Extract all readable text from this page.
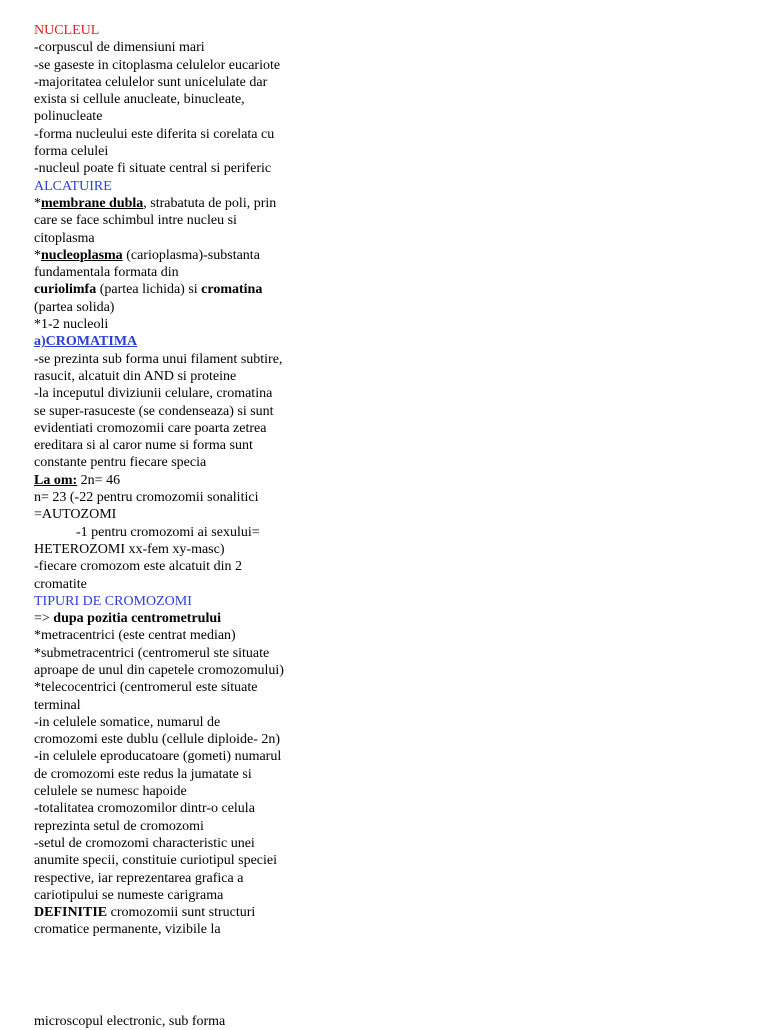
NUCLEUL
-corpuscul de dimensiuni mari
-se gaseste in citoplasma celulelor eucariote
-majoritatea celulelor sunt unicelulate dar
exista si cellule anucleate, binucleate,
polinucleate
-forma nucleului este diferita si corelata cu
forma celulei
-nucleul poate fi situate central si periferic
ALCATUIRE
*membrane dubla, strabatuta de poli, prin
care se face schimbul intre nucleu si
citoplasma
*nucleoplasma (carioplasma)-substanta
fundamentala formata din
curiolimfa (partea lichida) si cromatina
(partea solida)
*1-2 nucleoli
a)CROMATIMA
-se prezinta sub forma unui filament subtire,
rasucit, alcatuit din AND si proteine
-la inceputul diviziunii celulare, cromatina
se super-rasuceste (se condenseaza) si sunt
evidentiati cromozomii care poarta zetrea
ereditara si al caror nume si forma sunt
constante pentru fiecare specia
La om: 2n= 46
n= 23 (-22 pentru cromozomii sonalitici
=AUTOZOMI
-1 pentru cromozomi ai sexului=
HETEROZOMI xx-fem xy-masc)
-fiecare cromozom este alcatuit din 2
cromatite
TIPURI DE CROMOZOMI
=> dupa pozitia centrometrului
*metracentrici (este centrat median)
*submetracentrici (centromerul ste situate
aproape de unul din capetele cromozomului)
*telecocentrici (centromerul este situate
terminal
-in celulele somatice, numarul de
cromozomi este dublu (cellule diploide- 2n)
-in celulele eproducatoare (gometi) numarul
de cromozomi este redus la jumatate si
celulele se numesc hapoide
-totalitatea cromozomilor dintr-o celula
reprezinta setul de cromozomi
-setul de cromozomi characteristic unei
anumite specii, constituie curiotipul speciei
respective, iar reprezentarea grafica a
cariotipului se numeste carigrama
DEFINITIE cromozomii sunt structuri
cromatice permanente, vizibile la
microscopul electronic, sub forma
